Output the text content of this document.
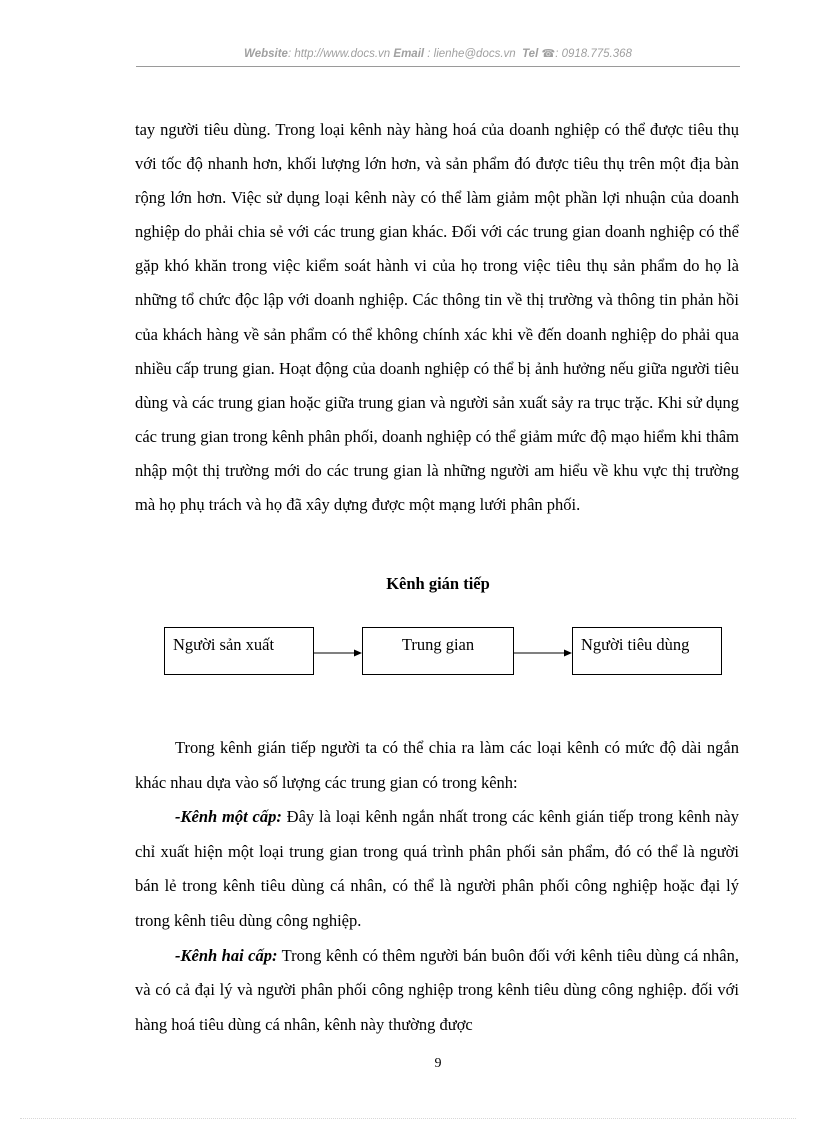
Website: http://www.docs.vn Email : lienhe@docs.vn Tel ☎: 0918.775.368
tay người tiêu dùng. Trong loại kênh này hàng hoá của doanh nghiệp có thể được tiêu thụ với tốc độ nhanh hơn, khối lượng lớn hơn, và sản phẩm đó được tiêu thụ trên một địa bàn rộng lớn hơn. Việc sử dụng loại kênh này có thể làm giảm một phần lợi nhuận của doanh nghiệp do phải chia sẻ với các trung gian khác. Đối với các trung gian doanh nghiệp có thể gặp khó khăn trong việc kiểm soát hành vi của họ trong việc tiêu thụ sản phẩm do họ là những tổ chức độc lập với doanh nghiệp. Các thông tin về thị trường và thông tin phản hồi của khách hàng về sản phẩm có thể không chính xác khi về đến doanh nghiệp do phải qua nhiều cấp trung gian. Hoạt động của doanh nghiệp có thể bị ảnh hưởng nếu giữa người tiêu dùng và các trung gian hoặc giữa trung gian và người sản xuất sảy ra trục trặc. Khi sử dụng các trung gian trong kênh phân phối, doanh nghiệp có thể giảm mức độ mạo hiểm khi thâm nhập một thị trường mới do các trung gian là những người am hiểu về khu vực thị trường mà họ phụ trách và họ đã xây dựng được một mạng lưới phân phối.
Kênh gián tiếp
Người sản xuất	Trung gian	Người tiêu dùng

Trong kênh gián tiếp người ta có thể chia ra làm các loại kênh có mức độ dài ngắn khác nhau dựa vào số lượng các trung gian có trong kênh:

-Kênh một cấp: Đây là loại kênh ngắn nhất trong các kênh gián tiếp trong kênh này chỉ xuất hiện một loại trung gian trong quá trình phân phối sản phẩm, đó có thể là người bán lẻ trong kênh tiêu dùng cá nhân, có thể là người phân phối công nghiệp hoặc đại lý trong kênh tiêu dùng công nghiệp.

-Kênh hai cấp: Trong kênh có thêm người bán buôn đối với kênh tiêu dùng cá nhân, và có cả đại lý và người phân phối công nghiệp trong kênh tiêu dùng công nghiệp. đối với hàng hoá tiêu dùng cá nhân, kênh này thường được

9
